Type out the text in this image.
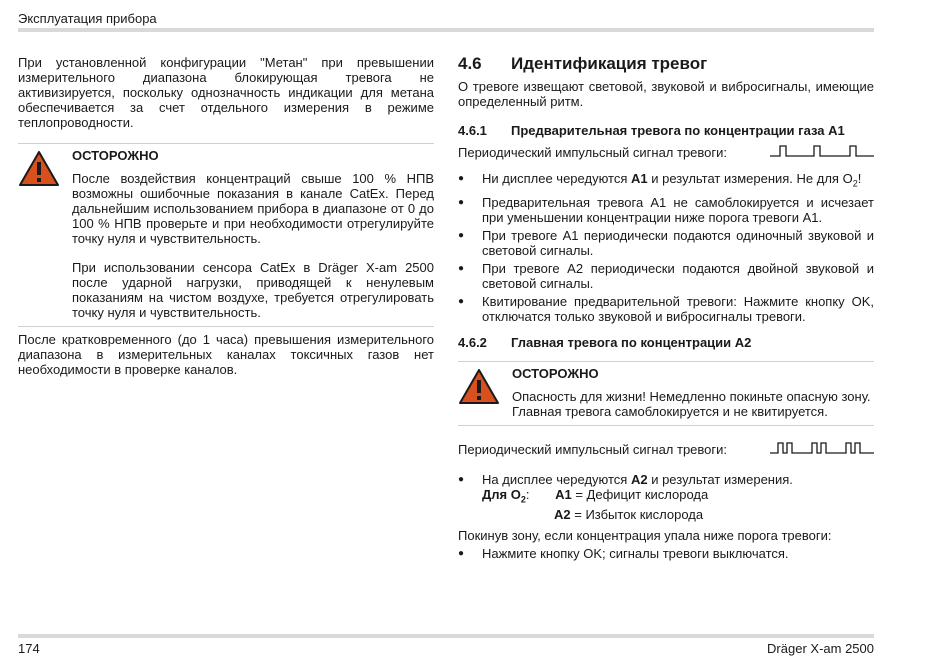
Эксплуатация прибора

При установленной конфигурации "Метан" при превышении измерительного диапазона блокирующая тревога не активизируется, поскольку однозначность индикации для метана обеспечивается за счет отдельного измерения в режиме теплопроводности.

ОСТОРОЖНО

После воздействия концентраций свыше 100 % НПВ возможны ошибочные показания в канале CatEx. Перед дальнейшим использованием прибора в диапазоне от 0 до 100 % НПВ проверьте и при необходимости отрегулируйте точку нуля и чувствительность.

При использовании сенсора CatEx в Dräger X-am 2500 после ударной нагрузки, приводящей к ненулевым показаниям на чистом воздухе, требуется отрегулировать точку нуля и чувствительность.

После кратковременного (до 1 часа) превышения измерительного диапазона в измерительных каналах токсичных газов нет необходимости в проверке каналов.

4.6	Идентификация тревог

О тревоге извещают световой, звуковой и вибросигналы, имеющие определенный ритм.

4.6.1	Предварительная тревога по концентрации газа A1
Периодический импульсный сигнал тревоги:
● Ни дисплее чередуются A1 и результат измерения. Не для $O_2$!
● Предварительная тревога A1 не самоблокируется и исчезает при уменьшении концентрации ниже порога тревоги A1.
● При тревоге A1 периодически подаются одиночный звуковой и световой сигналы.
● При тревоге A2 периодически подаются двойной звуковой и световой сигналы.
● Квитирование предварительной тревоги: Нажмите кнопку OK, отключатся только звуковой и вибросигналы тревоги.
4.6.2	Главная тревога по концентрации A2
ОСТОРОЖНО

Опасность для жизни! Немедленно покиньте опасную зону.

Главная тревога самоблокируется и не квитируется.

Периодический импульсный сигнал тревоги:
● На дисплее чередуются A2 и результат измерения.
Для $O_2$: A1 = Дефицит кислорода
A2 = Избыток кислорода

Покинув зону, если концентрация упала ниже порога тревоги:

● Нажмите кнопку OK; сигналы тревоги выключатся.
174	Dräger X-am 2500
